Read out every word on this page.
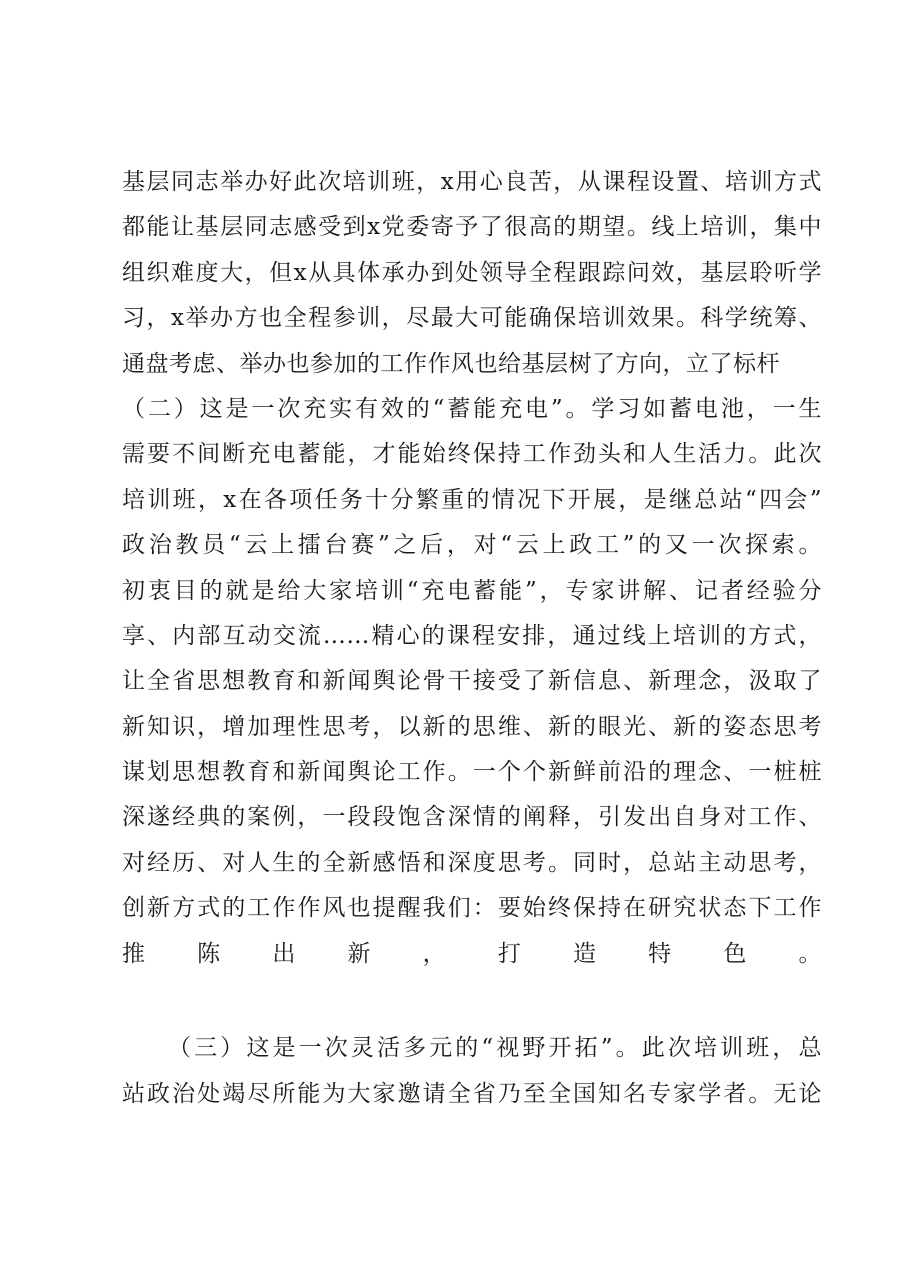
基层同志举办好此次培训班，x用心良苦，从课程设置、培训方式
都能让基层同志感受到x党委寄予了很高的期望。线上培训，集中
组织难度大，但x从具体承办到处领导全程跟踪问效，基层聆听学
习，x举办方也全程参训，尽最大可能确保培训效果。科学统筹、
通盘考虑、举办也参加的工作作风也给基层树了方向，立了标杆
（二）这是一次充实有效的“蓄能充电”。学习如蓄电池，一生
需要不间断充电蓄能，才能始终保持工作劲头和人生活力。此次
培训班，x在各项任务十分繁重的情况下开展，是继总站“四会”
政治教员“云上擂台赛”之后，对“云上政工”的又一次探索。
初衷目的就是给大家培训“充电蓄能”，专家讲解、记者经验分
享、内部互动交流……精心的课程安排，通过线上培训的方式，
让全省思想教育和新闻舆论骨干接受了新信息、新理念，汲取了
新知识，增加理性思考，以新的思维、新的眼光、新的姿态思考
谋划思想教育和新闻舆论工作。一个个新鲜前沿的理念、一桩桩
深遂经典的案例，一段段饱含深情的阐释，引发出自身对工作、
对经历、对人生的全新感悟和深度思考。同时，总站主动思考，
创新方式的工作作风也提醒我们：要始终保持在研究状态下工作
推陈出新，打造特色。
（三）这是一次灵活多元的“视野开拓”。此次培训班，总
站政治处竭尽所能为大家邀请全省乃至全国知名专家学者。无论
